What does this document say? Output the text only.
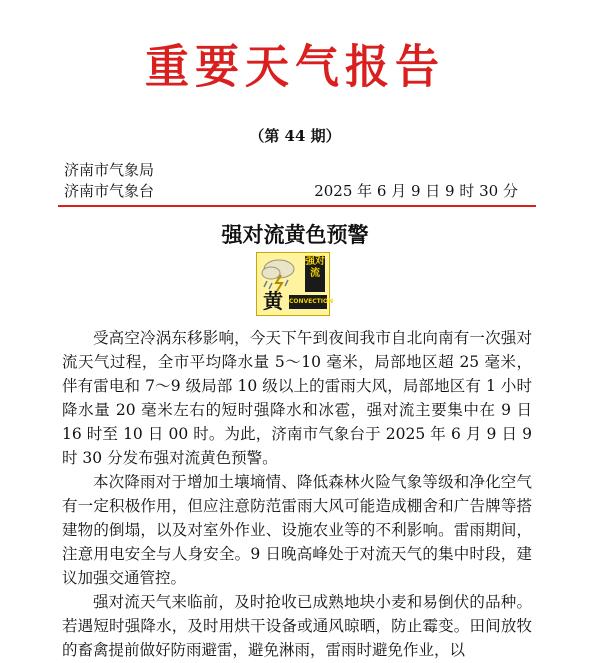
重要天气报告
（第 44 期）
济南市气象局
济南市气象台	2025 年 6 月 9 日 9 时 30 分
强对流黄色预警
黄
强对流
CONVECTION

受高空冷涡东移影响，今天下午到夜间我市自北向南有一次强对流天气过程，全市平均降水量 5～10 毫米，局部地区超 25 毫米，伴有雷电和 7～9 级局部 10 级以上的雷雨大风，局部地区有 1 小时降水量 20 毫米左右的短时强降水和冰雹，强对流主要集中在 9 日 16 时至 10 日 00 时。为此，济南市气象台于 2025 年 6 月 9 日 9 时 30 分发布强对流黄色预警。

本次降雨对于增加土壤墒情、降低森林火险气象等级和净化空气有一定积极作用，但应注意防范雷雨大风可能造成棚舍和广告牌等搭建物的倒塌，以及对室外作业、设施农业等的不利影响。雷雨期间，注意用电安全与人身安全。9 日晚高峰处于对流天气的集中时段，建议加强交通管控。

强对流天气来临前，及时抢收已成熟地块小麦和易倒伏的品种。若遇短时强降水，及时用烘干设备或通风晾晒，防止霉变。田间放牧的畜禽提前做好防雨避雷，避免淋雨，雷雨时避免作业，以
